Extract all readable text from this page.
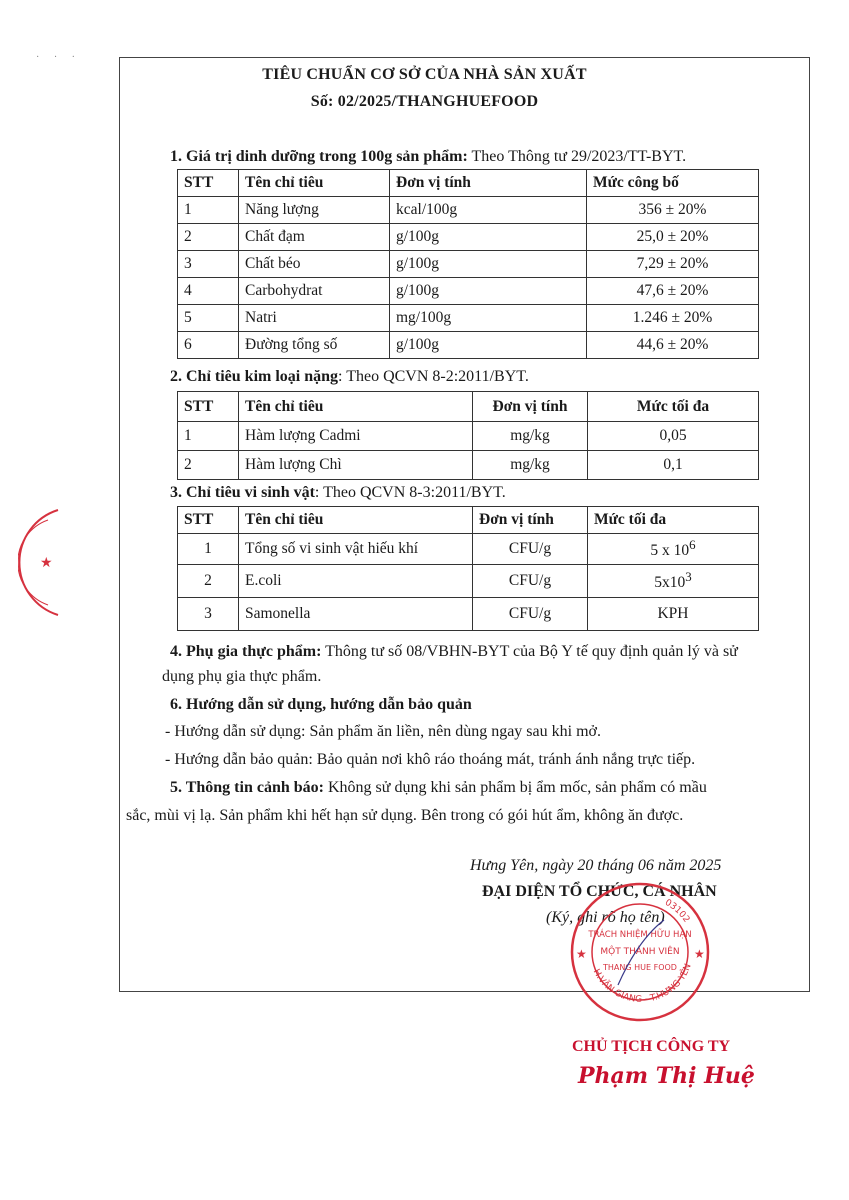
· · ·
★
TIÊU CHUẨN CƠ SỞ CỦA NHÀ SẢN XUẤT
Số: 02/2025/THANGHUEFOOD
1. Giá trị dinh dưỡng trong 100g sản phẩm: Theo Thông tư 29/2023/TT-BYT.
STT	Tên chỉ tiêu	Đơn vị tính	Mức công bố
1	Năng lượng	kcal/100g	356 ± 20%
2	Chất đạm	g/100g	25,0 ± 20%
3	Chất béo	g/100g	7,29 ± 20%
4	Carbohydrat	g/100g	47,6 ± 20%
5	Natri	mg/100g	1.246 ± 20%
6	Đường tổng số	g/100g	44,6 ± 20%
2. Chỉ tiêu kim loại nặng: Theo QCVN 8-2:2011/BYT.
STT	Tên chỉ tiêu	Đơn vị tính	Mức tối đa
1	Hàm lượng Cadmi	mg/kg	0,05
2	Hàm lượng Chì	mg/kg	0,1
3. Chỉ tiêu vi sinh vật: Theo QCVN 8-3:2011/BYT.
STT	Tên chỉ tiêu	Đơn vị tính	Mức tối đa
1	Tổng số vi sinh vật hiếu khí	CFU/g	5 x $10^6$
2	E.coli	CFU/g	$5x10^3$
3	Samonella	CFU/g	KPH
4. Phụ gia thực phẩm: Thông tư số 08/VBHN-BYT của Bộ Y tế quy định quản lý và sử
dụng phụ gia thực phẩm.
6. Hướng dẫn sử dụng, hướng dẫn bảo quản
- Hướng dẫn sử dụng: Sản phẩm ăn liền, nên dùng ngay sau khi mở.
- Hướng dẫn bảo quản: Bảo quản nơi khô ráo thoáng mát, tránh ánh nắng trực tiếp.
5. Thông tin cảnh báo: Không sử dụng khi sản phẩm bị ẩm mốc, sản phẩm có mầu
sắc, mùi vị lạ. Sản phẩm khi hết hạn sử dụng. Bên trong có gói hút ẩm, không ăn được.
Hưng Yên, ngày 20 tháng 06 năm 2025
ĐẠI DIỆN TỔ CHỨC, CÁ NHÂN
(Ký, ghi rõ họ tên)
03102
H.VĂN GIANG - T.HƯNG YÊN
TRÁCH NHIỆM HỮU HẠN
MỘT THÀNH VIÊN
THANG HUE FOOD
★	★
CHỦ TỊCH CÔNG TY
Phạm Thị Huệ
